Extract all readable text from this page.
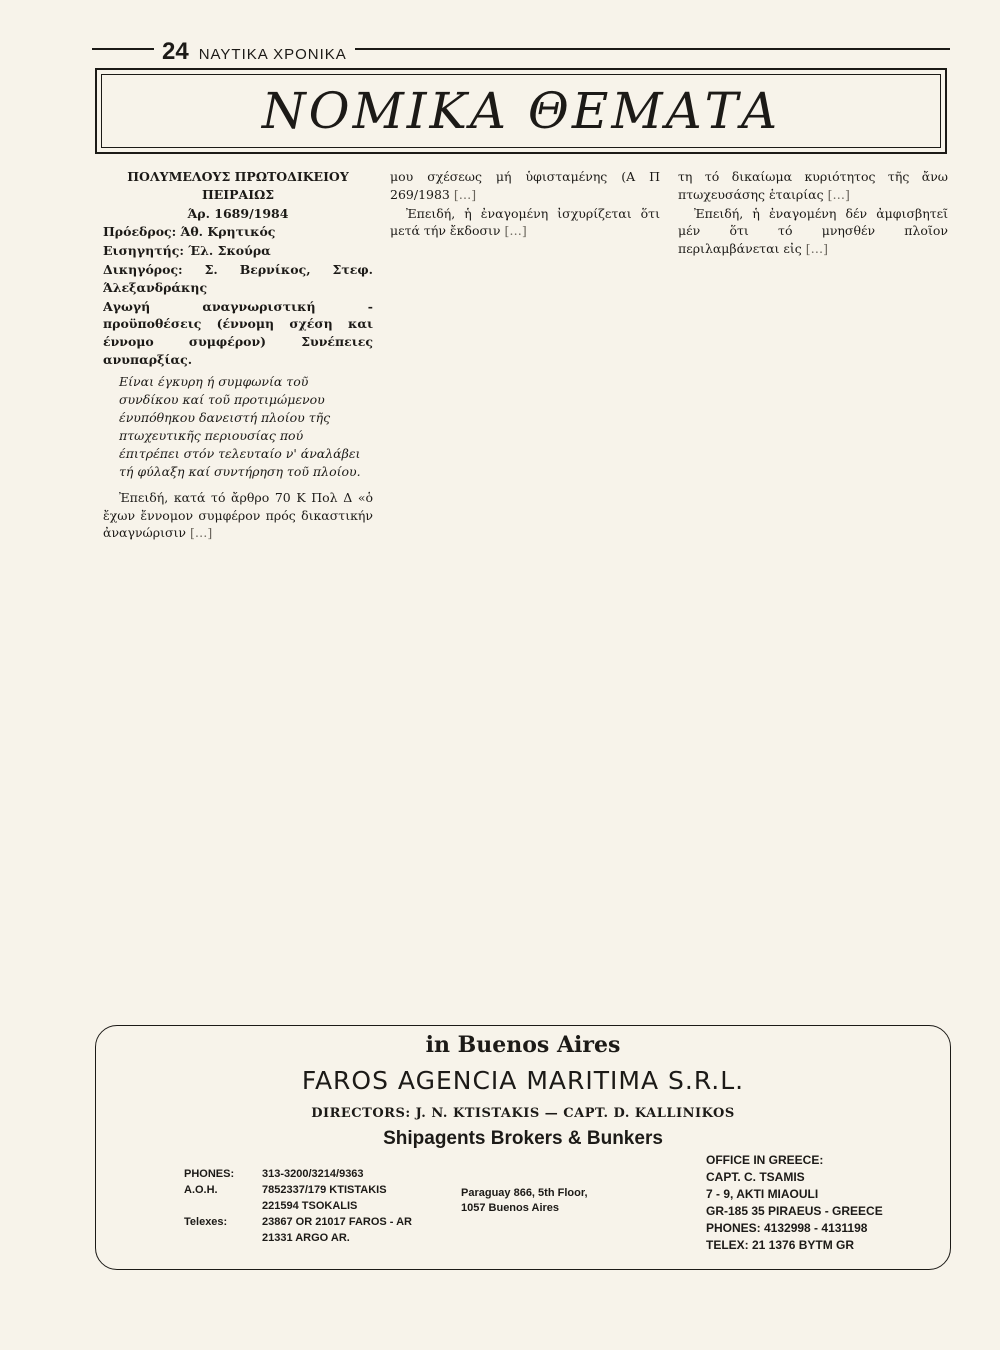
24 ΝΑΥΤΙΚΑ ΧΡΟΝΙΚΑ
ΝΟΜΙΚΑ ΘΕΜΑΤΑ

ΠΟΛΥΜΕΛΟΥΣ ΠΡΩΤΟΔΙΚΕΙΟΥ ΠΕΙΡΑΙΩΣ

Άρ. 1689/1984

Πρόεδρος: Άθ. Κρητικός

Εισηγητής: Έλ. Σκούρα

Δικηγόρος: Σ. Βερνίκος, Στεφ. Άλεξανδράκης

Αγωγή αναγνωριστική - προϋποθέσεις (έννομη σχέση και έννομο συμφέρον) Συνέπειες ανυπαρξίας.

Είναι έγκυρη ή συμφωνία τοῦ συνδίκου καί τοῦ προτιμώμενου ένυπόθηκου δανειστή πλοίου τῆς πτωχευτικῆς περιουσίας πού έπιτρέπει στόν τελευταίο ν' άναλάβει τή φύλαξη καί συντήρηση τοῦ πλοίου.

Ἐπειδή, κατά τό ἄρθρο 70 Κ Πολ Δ «ὁ ἔχων ἔννομον συμφέρον πρός δικαστικήν ἀναγνώρισιν […]

μου σχέσεως μή ὑφισταμένης (Α Π 269/1983 […]

Ἐπειδή, ἡ ἐναγομένη ἰσχυρίζεται ὅτι μετά τήν ἔκδοσιν […]

τη τό δικαίωμα κυριότητος τῆς ἄνω πτωχευσάσης ἑταιρίας […]

Ἐπειδή, ἡ ἐναγομένη δέν ἀμφισβητεῖ μέν ὅτι τό μνησθέν πλοῖον περιλαμβάνεται εἰς […]

in Buenos Aires
FAROS AGENCIA MARITIMA S.R.L.
DIRECTORS: J. N. KTISTAKIS — CAPT. D. KALLINIKOS
Shipagents Brokers & Bunkers
PHONES:	313-3200/3214/9363
A.O.H.	7852337/179 KTISTAKIS
221594 TSOKALIS
Telexes:	23867 OR 21017 FAROS - AR
21331 ARGO AR.
Paraguay 866, 5th Floor,
1057 Buenos Aires
OFFICE IN GREECE:
CAPT. C. TSAMIS
7 - 9, AKTI MIAOULI
GR-185 35 PIRAEUS - GREECE
PHONES: 4132998 - 4131198
TELEX: 21 1376 BYTM GR
